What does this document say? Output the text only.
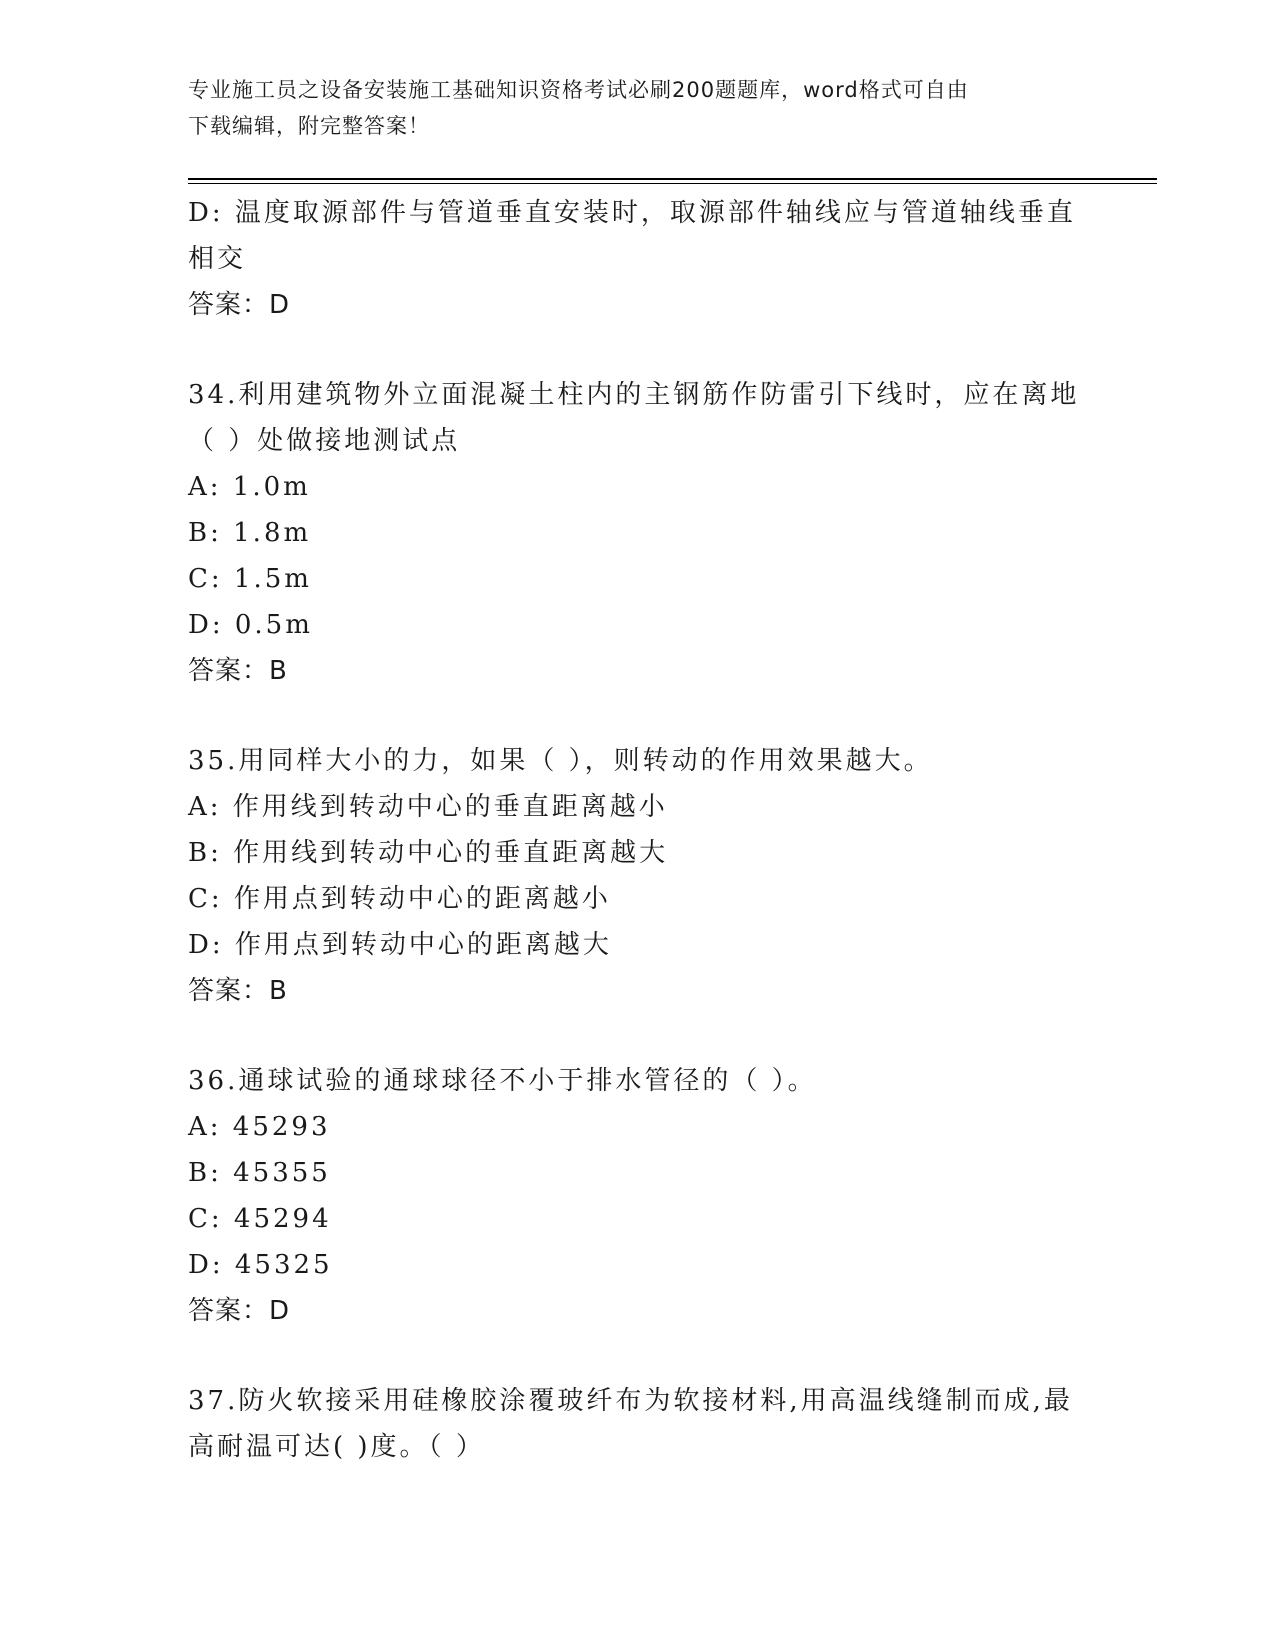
专业施工员之设备安装施工基础知识资格考试必刷200题题库，word格式可自由
下载编辑，附完整答案！
D: 温度取源部件与管道垂直安装时，取源部件轴线应与管道轴线垂直
相交
答案：D
34.利用建筑物外立面混凝土柱内的主钢筋作防雷引下线时，应在离地
（ ）处做接地测试点
A: 1.0m
B: 1.8m
C: 1.5m
D: 0.5m
答案：B
35.用同样大小的力，如果（ ），则转动的作用效果越大。
A: 作用线到转动中心的垂直距离越小
B: 作用线到转动中心的垂直距离越大
C: 作用点到转动中心的距离越小
D: 作用点到转动中心的距离越大
答案：B
36.通球试验的通球球径不小于排水管径的（ ）。
A: 45293
B: 45355
C: 45294
D: 45325
答案：D
37.防火软接采用硅橡胶涂覆玻纤布为软接材料,用高温线缝制而成,最
高耐温可达( )度。（ ）
